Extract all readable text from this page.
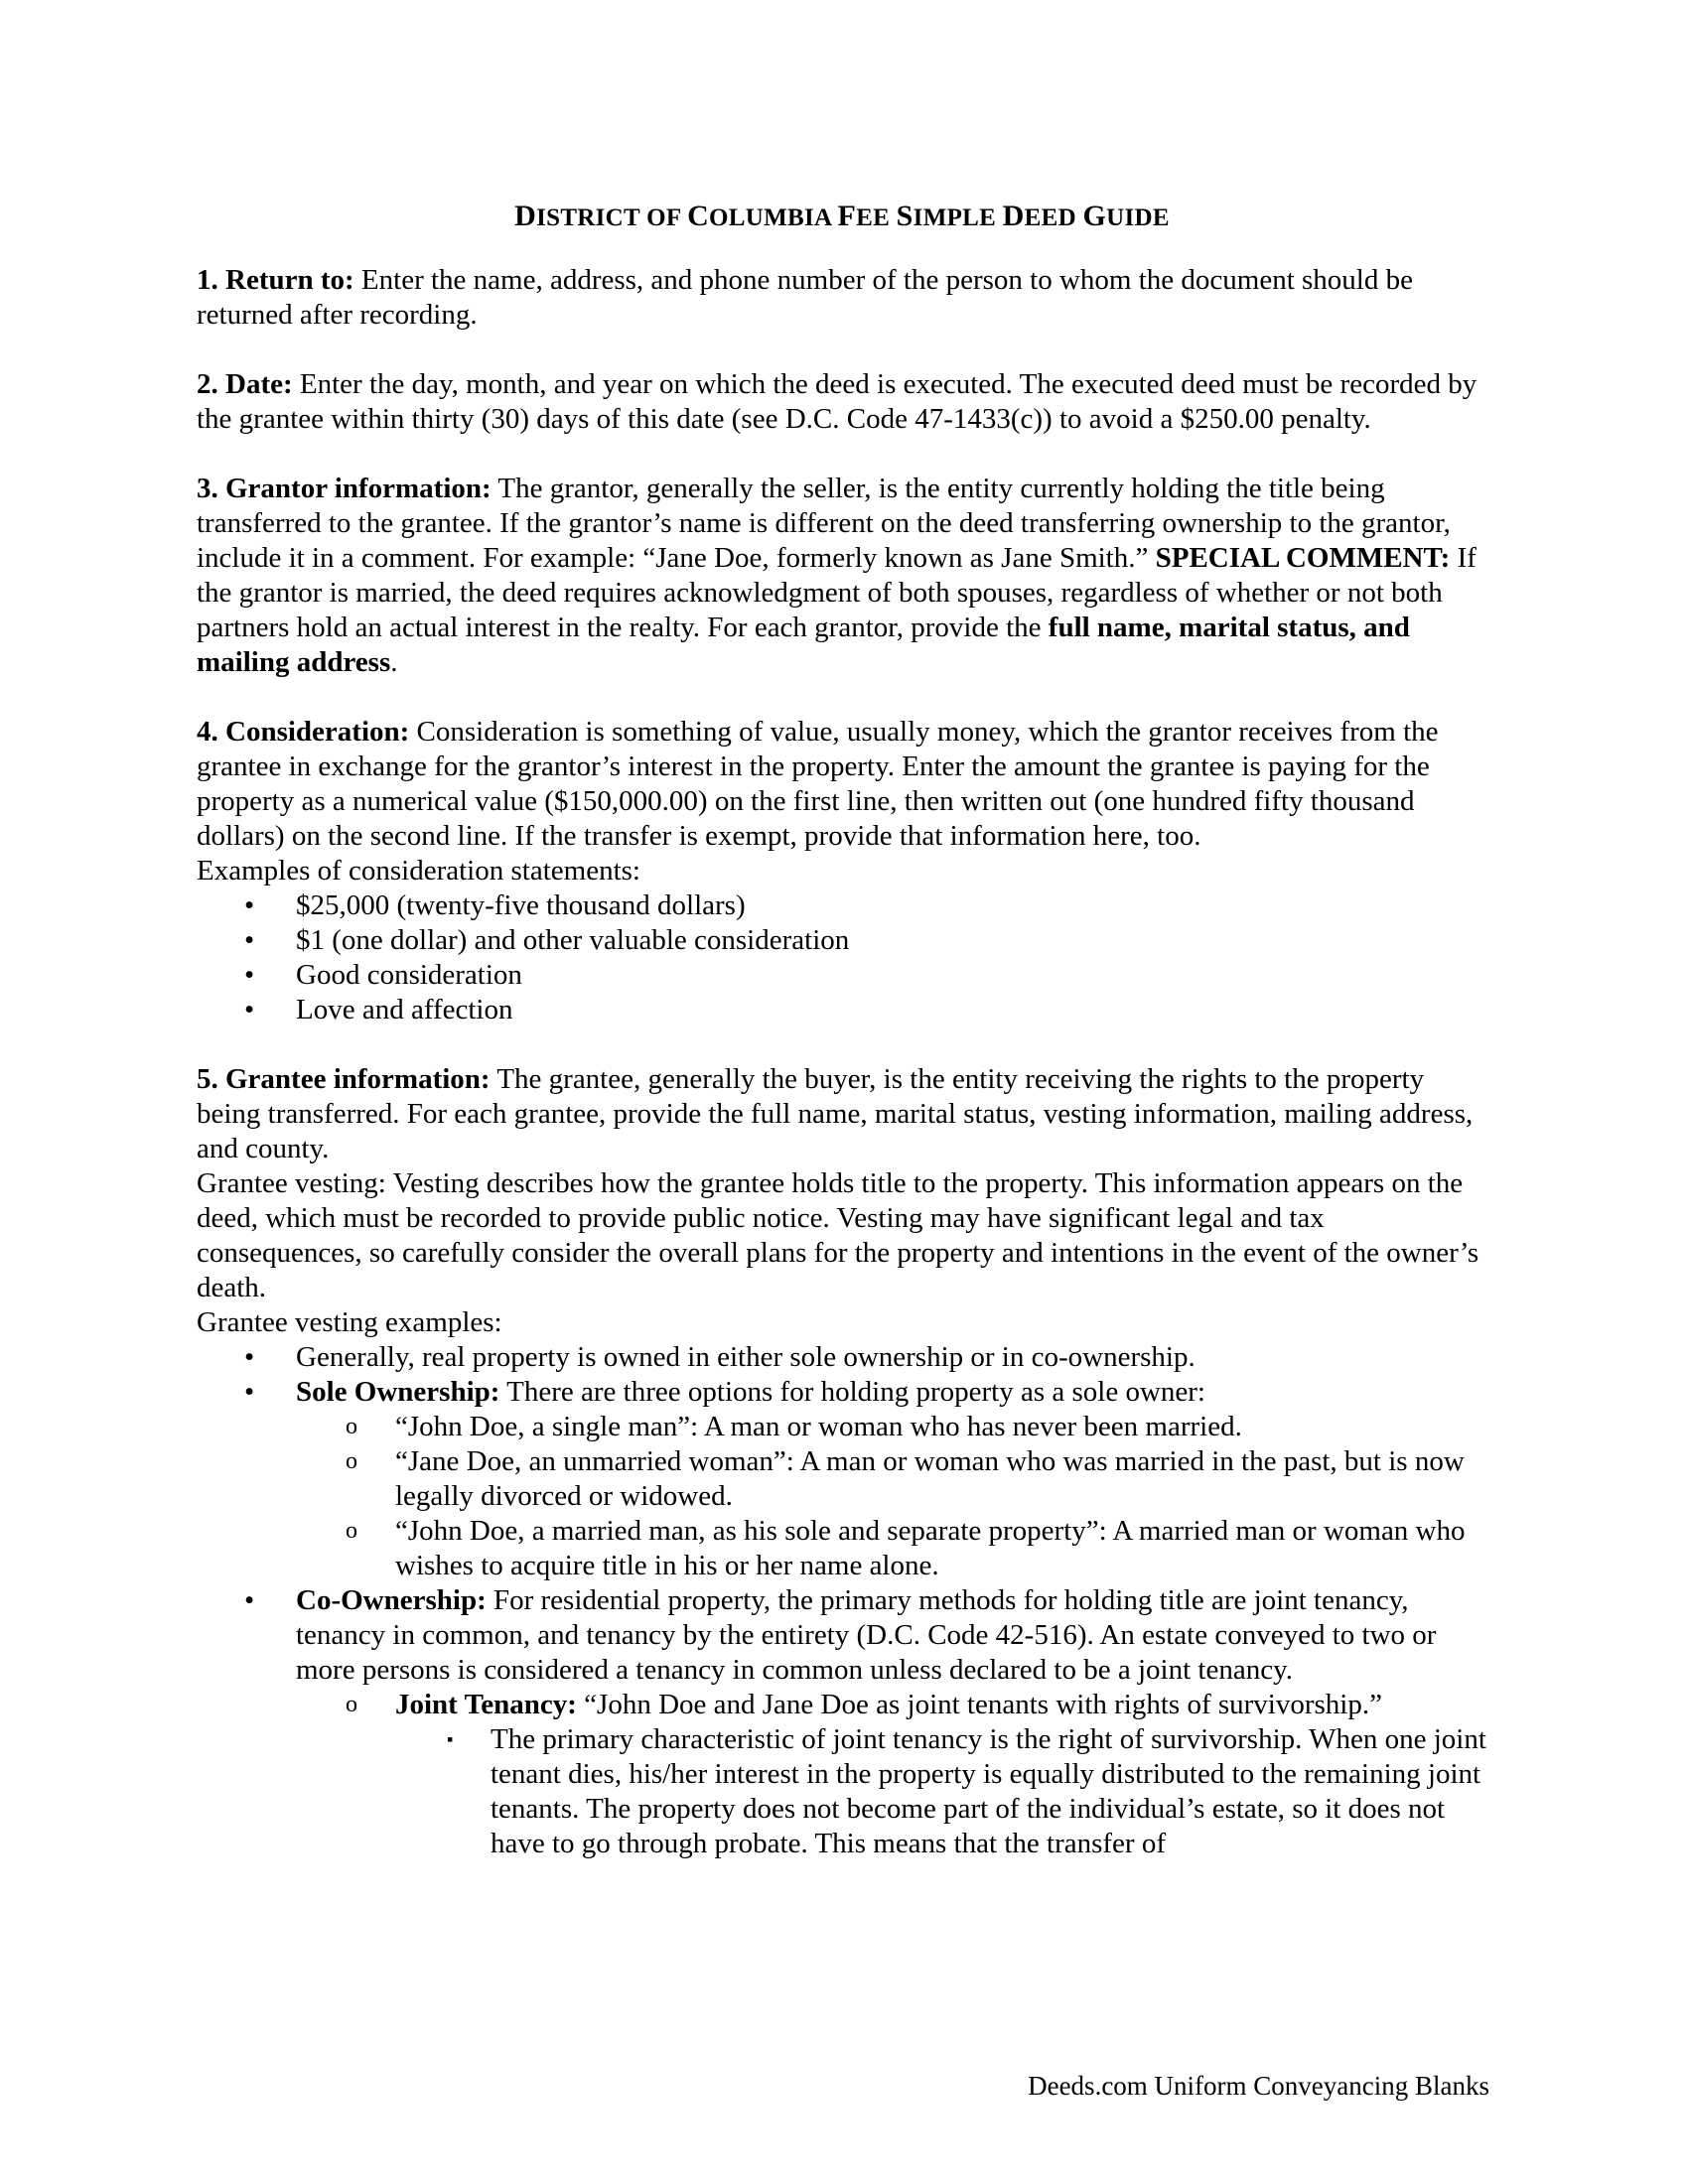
DISTRICT OF COLUMBIA FEE SIMPLE DEED GUIDE

1. Return to: Enter the name, address, and phone number of the person to whom the document should be returned after recording.

2. Date: Enter the day, month, and year on which the deed is executed. The executed deed must be recorded by the grantee within thirty (30) days of this date (see D.C. Code 47-1433(c)) to avoid a $250.00 penalty.

3. Grantor information: The grantor, generally the seller, is the entity currently holding the title being transferred to the grantee. If the grantor’s name is different on the deed transferring ownership to the grantor, include it in a comment. For example: “Jane Doe, formerly known as Jane Smith.” SPECIAL COMMENT: If the grantor is married, the deed requires acknowledgment of both spouses, regardless of whether or not both partners hold an actual interest in the realty. For each grantor, provide the full name, marital status, and mailing address.

4. Consideration: Consideration is something of value, usually money, which the grantor receives from the grantee in exchange for the grantor’s interest in the property. Enter the amount the grantee is paying for the property as a numerical value ($150,000.00) on the first line, then written out (one hundred fifty thousand dollars) on the second line. If the transfer is exempt, provide that information here, too.

Examples of consideration statements:

• $25,000 (twenty-five thousand dollars)
• $1 (one dollar) and other valuable consideration
• Good consideration
• Love and affection

5. Grantee information: The grantee, generally the buyer, is the entity receiving the rights to the property being transferred. For each grantee, provide the full name, marital status, vesting information, mailing address, and county.

Grantee vesting: Vesting describes how the grantee holds title to the property. This information appears on the deed, which must be recorded to provide public notice. Vesting may have significant legal and tax consequences, so carefully consider the overall plans for the property and intentions in the event of the owner’s death.

Grantee vesting examples:

• Generally, real property is owned in either sole ownership or in co-ownership.
• Sole Ownership: There are three options for holding property as a sole owner:
o “John Doe, a single man”: A man or woman who has never been married.
o “Jane Doe, an unmarried woman”: A man or woman who was married in the past, but is now legally divorced or widowed.
o “John Doe, a married man, as his sole and separate property”: A married man or woman who wishes to acquire title in his or her name alone.
• Co-Ownership: For residential property, the primary methods for holding title are joint tenancy, tenancy in common, and tenancy by the entirety (D.C. Code 42-516). An estate conveyed to two or more persons is considered a tenancy in common unless declared to be a joint tenancy.
o Joint Tenancy: “John Doe and Jane Doe as joint tenants with rights of survivorship.”
▪ The primary characteristic of joint tenancy is the right of survivorship. When one joint tenant dies, his/her interest in the property is equally distributed to the remaining joint tenants. The property does not become part of the individual’s estate, so it does not have to go through probate. This means that the transfer of
Deeds.com Uniform Conveyancing Blanks
